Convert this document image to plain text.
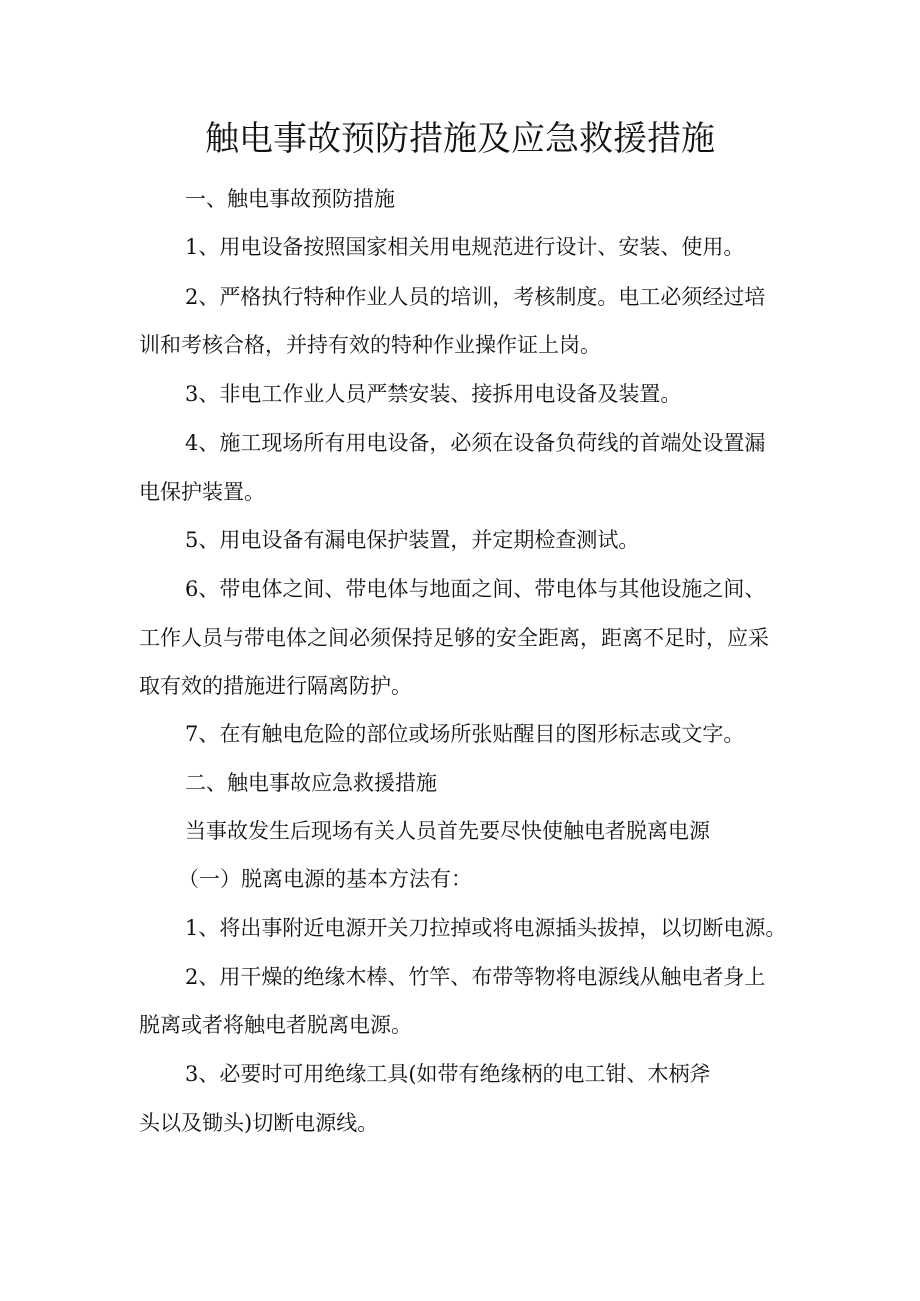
触电事故预防措施及应急救援措施
一、触电事故预防措施
1、用电设备按照国家相关用电规范进行设计、安装、使用。
2、严格执行特种作业人员的培训，考核制度。电工必须经过培
训和考核合格，并持有效的特种作业操作证上岗。
3、非电工作业人员严禁安装、接拆用电设备及装置。
4、施工现场所有用电设备，必须在设备负荷线的首端处设置漏
电保护装置。
5、用电设备有漏电保护装置，并定期检查测试。
6、带电体之间、带电体与地面之间、带电体与其他设施之间、
工作人员与带电体之间必须保持足够的安全距离，距离不足时，应采
取有效的措施进行隔离防护。
7、在有触电危险的部位或场所张贴醒目的图形标志或文字。
二、触电事故应急救援措施
当事故发生后现场有关人员首先要尽快使触电者脱离电源
（一）脱离电源的基本方法有：
1、将出事附近电源开关刀拉掉或将电源插头拔掉，以切断电源。
2、用干燥的绝缘木棒、竹竿、布带等物将电源线从触电者身上
脱离或者将触电者脱离电源。
3、必要时可用绝缘工具(如带有绝缘柄的电工钳、木柄斧
头以及锄头)切断电源线。
